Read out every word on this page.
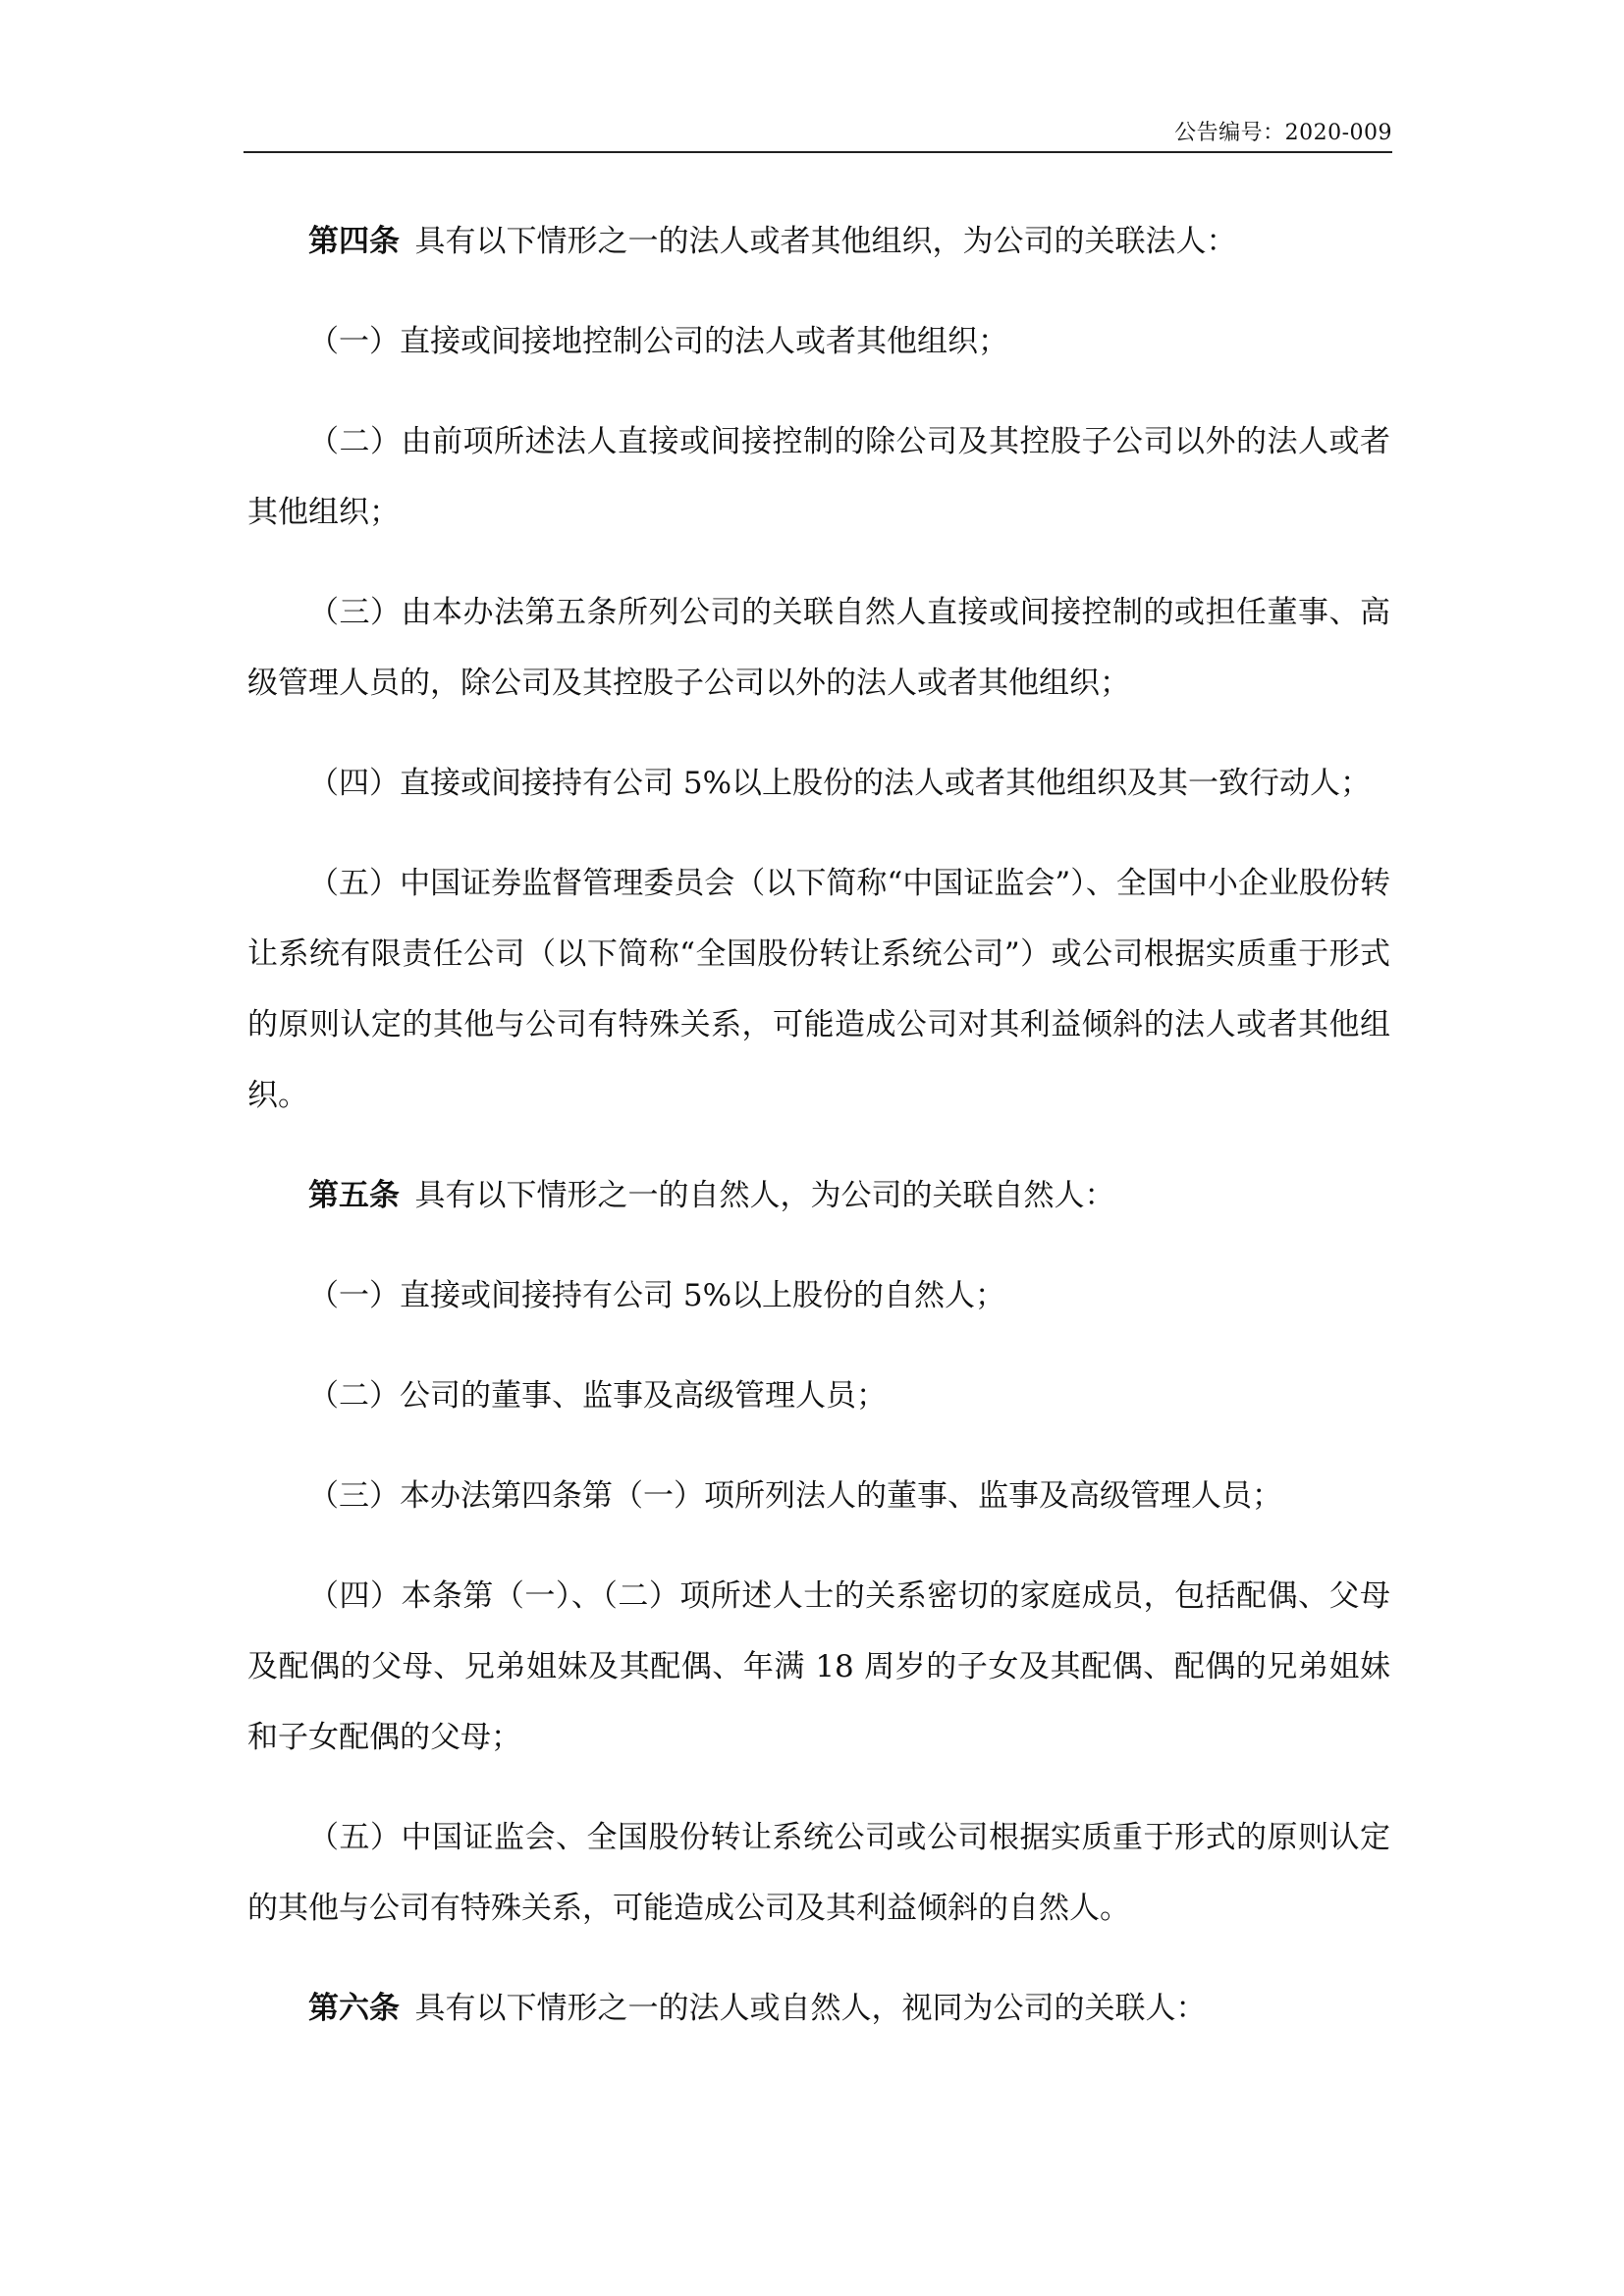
公告编号：2020-009

第四条 具有以下情形之一的法人或者其他组织，为公司的关联法人：

（一）直接或间接地控制公司的法人或者其他组织；

（二）由前项所述法人直接或间接控制的除公司及其控股子公司以外的法人或者其他组织；

（三）由本办法第五条所列公司的关联自然人直接或间接控制的或担任董事、高级管理人员的，除公司及其控股子公司以外的法人或者其他组织；

（四）直接或间接持有公司 5%以上股份的法人或者其他组织及其一致行动人；

（五）中国证券监督管理委员会（以下简称“中国证监会”）、全国中小企业股份转让系统有限责任公司（以下简称“全国股份转让系统公司”）或公司根据实质重于形式的原则认定的其他与公司有特殊关系，可能造成公司对其利益倾斜的法人或者其他组织。

第五条 具有以下情形之一的自然人，为公司的关联自然人：

（一）直接或间接持有公司 5%以上股份的自然人；

（二）公司的董事、监事及高级管理人员；

（三）本办法第四条第（一）项所列法人的董事、监事及高级管理人员；

（四）本条第（一）、（二）项所述人士的关系密切的家庭成员，包括配偶、父母及配偶的父母、兄弟姐妹及其配偶、年满 18 周岁的子女及其配偶、配偶的兄弟姐妹和子女配偶的父母；

（五）中国证监会、全国股份转让系统公司或公司根据实质重于形式的原则认定的其他与公司有特殊关系，可能造成公司及其利益倾斜的自然人。

第六条 具有以下情形之一的法人或自然人，视同为公司的关联人：
